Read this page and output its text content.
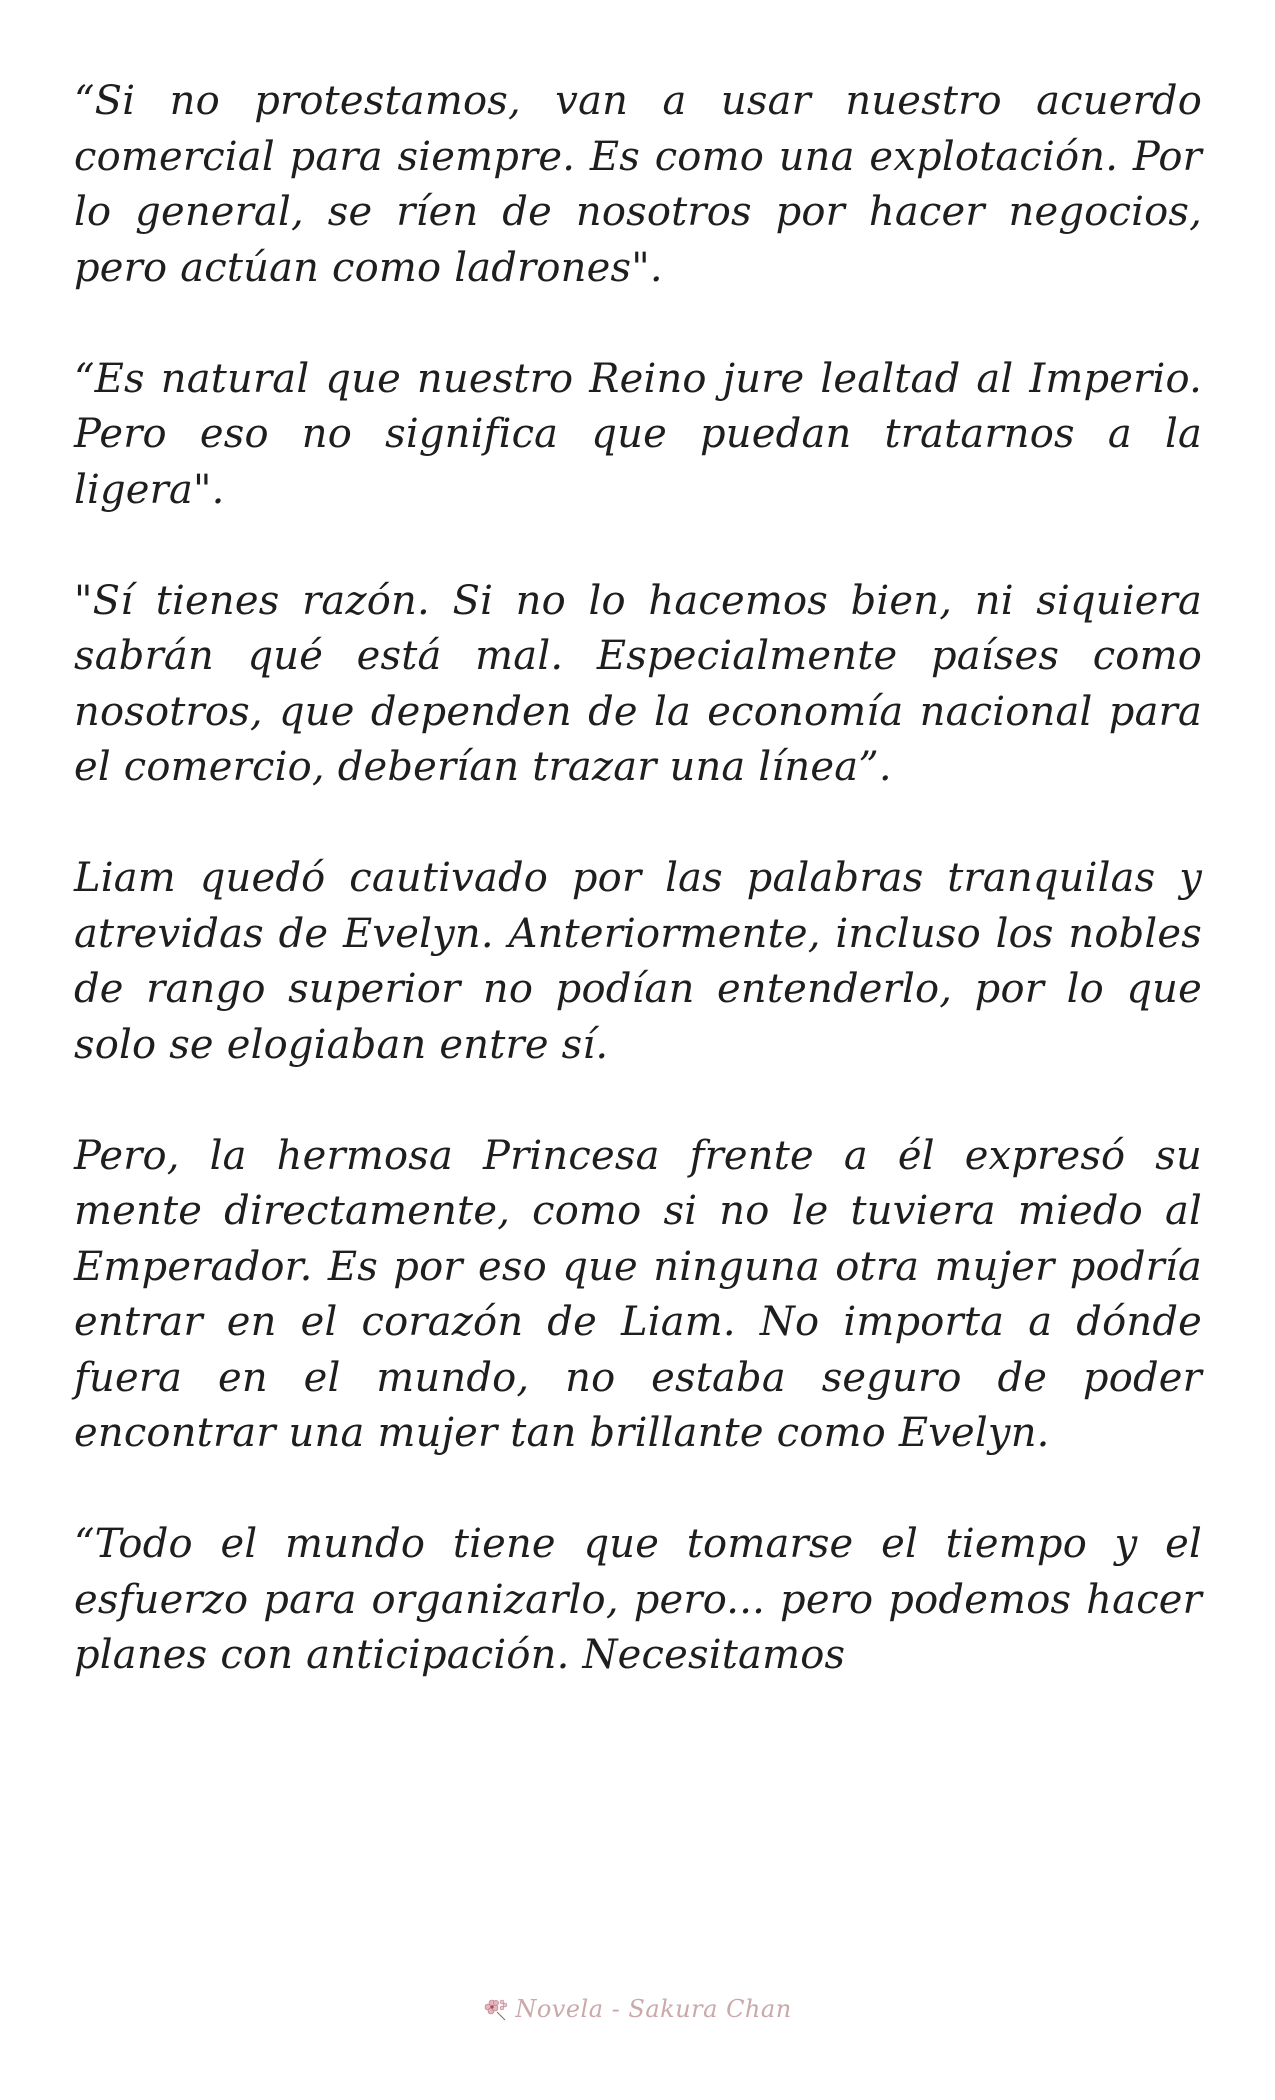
“Si no protestamos, van a usar nuestro acuerdo comercial para siempre. Es como una explotación. Por lo general, se ríen de nosotros por hacer negocios, pero actúan como ladrones".

“Es natural que nuestro Reino jure lealtad al Imperio. Pero eso no significa que puedan tratarnos a la ligera".

"Sí tienes razón. Si no lo hacemos bien, ni siquiera sabrán qué está mal. Especialmente países como nosotros, que dependen de la economía nacional para el comercio, deberían trazar una línea”.

Liam quedó cautivado por las palabras tranquilas y atrevidas de Evelyn. Anteriormente, incluso los nobles de rango superior no podían entenderlo, por lo que solo se elogiaban entre sí.

Pero, la hermosa Princesa frente a él expresó su mente directamente, como si no le tuviera miedo al Emperador. Es por eso que ninguna otra mujer podría entrar en el corazón de Liam. No importa a dónde fuera en el mundo, no estaba seguro de poder encontrar una mujer tan brillante como Evelyn.

“Todo el mundo tiene que tomarse el tiempo y el esfuerzo para organizarlo, pero... pero podemos hacer planes con anticipación. Necesitamos

Novela - Sakura Chan
